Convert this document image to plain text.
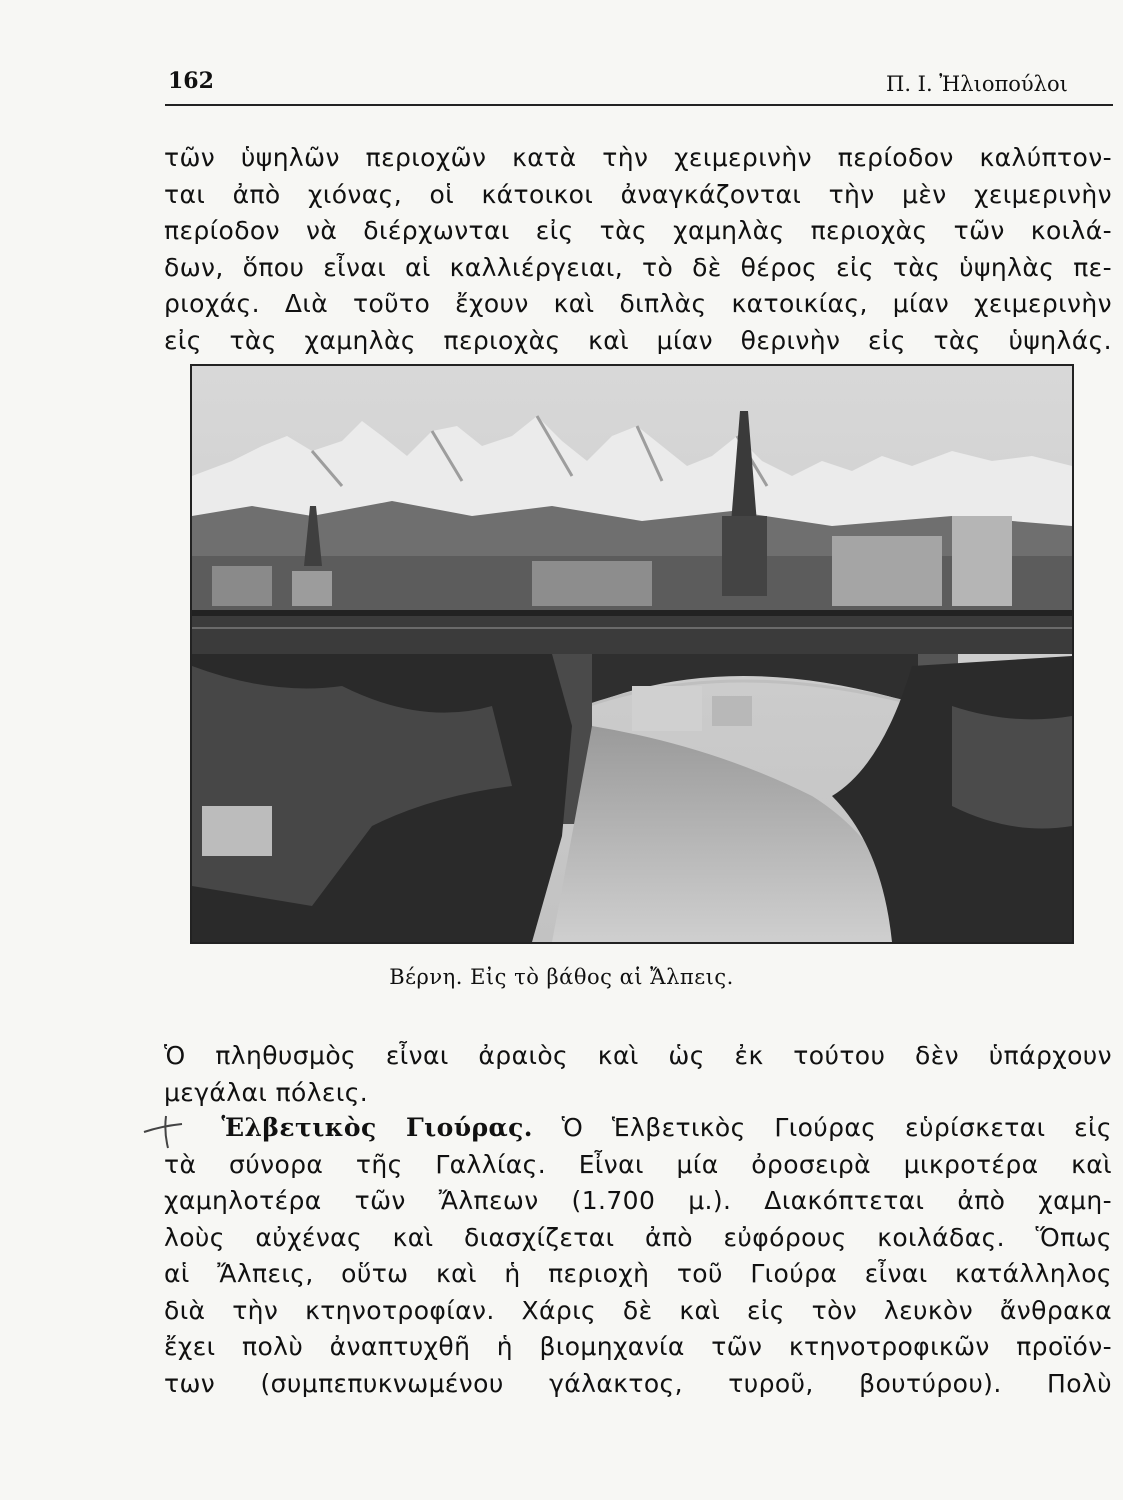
162	Π. Ι. Ἠλιοπούλοι
τῶν ὑψηλῶν περιοχῶν κατὰ τὴν χειμερινὴν περίοδον καλύπτον-
ται ἀπὸ χιόνας, οἱ κάτοικοι ἀναγκάζονται τὴν μὲν χειμερινὴν
περίοδον νὰ διέρχωνται εἰς τὰς χαμηλὰς περιοχὰς τῶν κοιλά-
δων, ὅπου εἶναι αἱ καλλιέργειαι, τὸ δὲ θέρος εἰς τὰς ὑψηλὰς πε-
ριοχάς. Διὰ τοῦτο ἔχουν καὶ διπλὰς κατοικίας, μίαν χειμερινὴν
εἰς τὰς χαμηλὰς περιοχὰς καὶ μίαν θερινὴν εἰς τὰς ὑψηλάς.
Βέρνη. Εἰς τὸ βάθος αἱ Ἄλπεις.
Ὁ πληθυσμὸς εἶναι ἀραιὸς καὶ ὡς ἐκ τούτου δὲν ὑπάρχουν
μεγάλαι πόλεις.
Ἑλβετικὸς Γιούρας. Ὁ Ἑλβετικὸς Γιούρας εὑρίσκεται εἰς
τὰ σύνορα τῆς Γαλλίας. Εἶναι μία ὀροσειρὰ μικροτέρα καὶ
χαμηλοτέρα τῶν Ἄλπεων (1.700 μ.). Διακόπτεται ἀπὸ χαμη-
λοὺς αὐχένας καὶ διασχίζεται ἀπὸ εὐφόρους κοιλάδας. Ὅπως
αἱ Ἄλπεις, οὕτω καὶ ἡ περιοχὴ τοῦ Γιούρα εἶναι κατάλληλος
διὰ τὴν κτηνοτροφίαν. Χάρις δὲ καὶ εἰς τὸν λευκὸν ἄνθρακα
ἔχει πολὺ ἀναπτυχθῆ ἡ βιομηχανία τῶν κτηνοτροφικῶν προϊόν-
των (συμπεπυκνωμένου γάλακτος, τυροῦ, βουτύρου). Πολὺ
